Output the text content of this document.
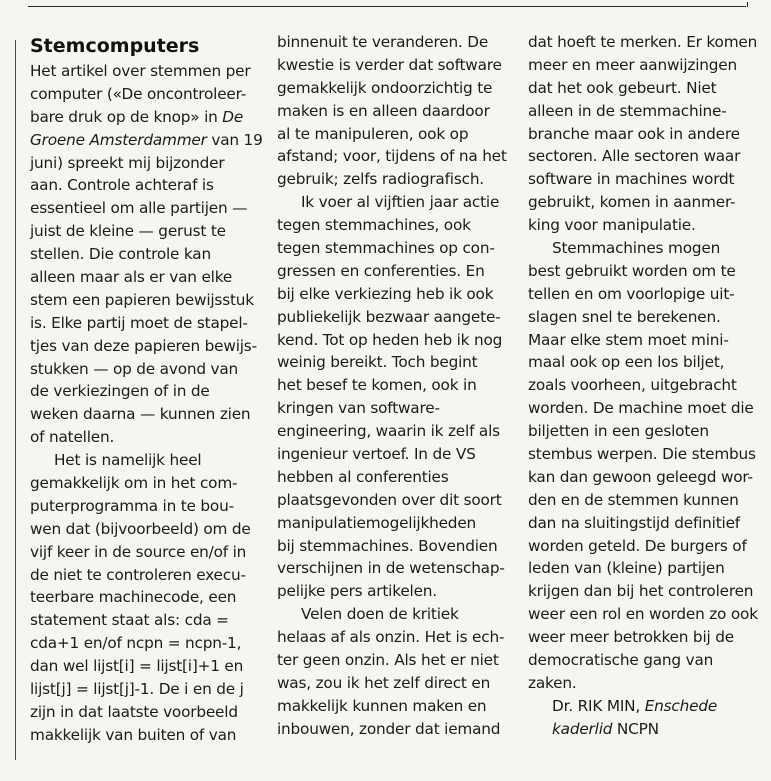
Stemcomputers
Het artikel over stemmen per
computer («De oncontroleer-
bare druk op de knop» in De
Groene Amsterdammer van 19
juni) spreekt mij bijzonder
aan. Controle achteraf is
essentieel om alle partijen —
juist de kleine — gerust te
stellen. Die controle kan
alleen maar als er van elke
stem een papieren bewijsstuk
is. Elke partij moet de stapel-
tjes van deze papieren bewijs-
stukken — op de avond van
de verkiezingen of in de
weken daarna — kunnen zien
of natellen.
Het is namelijk heel
gemakkelijk om in het com-
puterprogramma in te bou-
wen dat (bijvoorbeeld) om de
vijf keer in de source en/of in
de niet te controleren execu-
teerbare machinecode, een
statement staat als: cda =
cda+1 en/of ncpn = ncpn-1,
dan wel lijst[i] = lijst[i]+1 en
lijst[j] = lijst[j]-1. De i en de j
zijn in dat laatste voorbeeld
makkelijk van buiten of van
binnenuit te veranderen. De
kwestie is verder dat software
gemakkelijk ondoorzichtig te
maken is en alleen daardoor
al te manipuleren, ook op
afstand; voor, tijdens of na het
gebruik; zelfs radiografisch.
Ik voer al vijftien jaar actie
tegen stemmachines, ook
tegen stemmachines op con-
gressen en conferenties. En
bij elke verkiezing heb ik ook
publiekelijk bezwaar aangete-
kend. Tot op heden heb ik nog
weinig bereikt. Toch begint
het besef te komen, ook in
kringen van software-
engineering, waarin ik zelf als
ingenieur vertoef. In de VS
hebben al conferenties
plaatsgevonden over dit soort
manipulatiemogelijkheden
bij stemmachines. Bovendien
verschijnen in de wetenschap-
pelijke pers artikelen.
Velen doen de kritiek
helaas af als onzin. Het is ech-
ter geen onzin. Als het er niet
was, zou ik het zelf direct en
makkelijk kunnen maken en
inbouwen, zonder dat iemand
dat hoeft te merken. Er komen
meer en meer aanwijzingen
dat het ook gebeurt. Niet
alleen in de stemmachine-
branche maar ook in andere
sectoren. Alle sectoren waar
software in machines wordt
gebruikt, komen in aanmer-
king voor manipulatie.
Stemmachines mogen
best gebruikt worden om te
tellen en om voorlopige uit-
slagen snel te berekenen.
Maar elke stem moet mini-
maal ook op een los biljet,
zoals voorheen, uitgebracht
worden. De machine moet die
biljetten in een gesloten
stembus werpen. Die stembus
kan dan gewoon geleegd wor-
den en de stemmen kunnen
dan na sluitingstijd definitief
worden geteld. De burgers of
leden van (kleine) partijen
krijgen dan bij het controleren
weer een rol en worden zo ook
weer meer betrokken bij de
democratische gang van
zaken.
Dr. RIK MIN, Enschede
kaderlid NCPN
